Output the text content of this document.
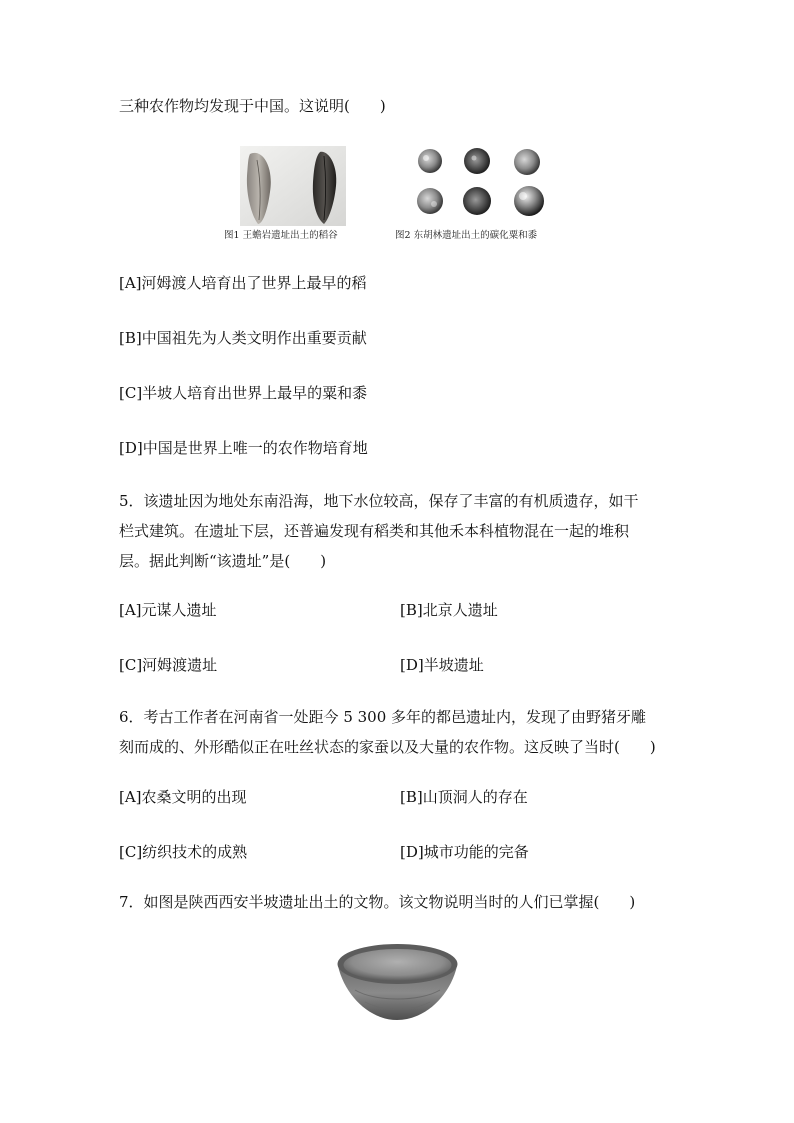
三种农作物均发现于中国。这说明(　　)
图1 王蟾岩遗址出土的稻谷	图2 东胡林遗址出土的碳化粟和黍
[A]河姆渡人培育出了世界上最早的稻
[B]中国祖先为人类文明作出重要贡献
[C]半坡人培育出世界上最早的粟和黍
[D]中国是世界上唯一的农作物培育地
5．该遗址因为地处东南沿海，地下水位较高，保存了丰富的有机质遗存，如干
栏式建筑。在遗址下层，还普遍发现有稻类和其他禾本科植物混在一起的堆积
层。据此判断“该遗址”是(　　)
[A]元谋人遗址	[B]北京人遗址
[C]河姆渡遗址	[D]半坡遗址
6．考古工作者在河南省一处距今 5 300 多年的都邑遗址内，发现了由野猪牙雕
刻而成的、外形酷似正在吐丝状态的家蚕以及大量的农作物。这反映了当时(　　)
[A]农桑文明的出现	[B]山顶洞人的存在
[C]纺织技术的成熟	[D]城市功能的完备
7．如图是陕西西安半坡遗址出土的文物。该文物说明当时的人们已掌握(　　)
